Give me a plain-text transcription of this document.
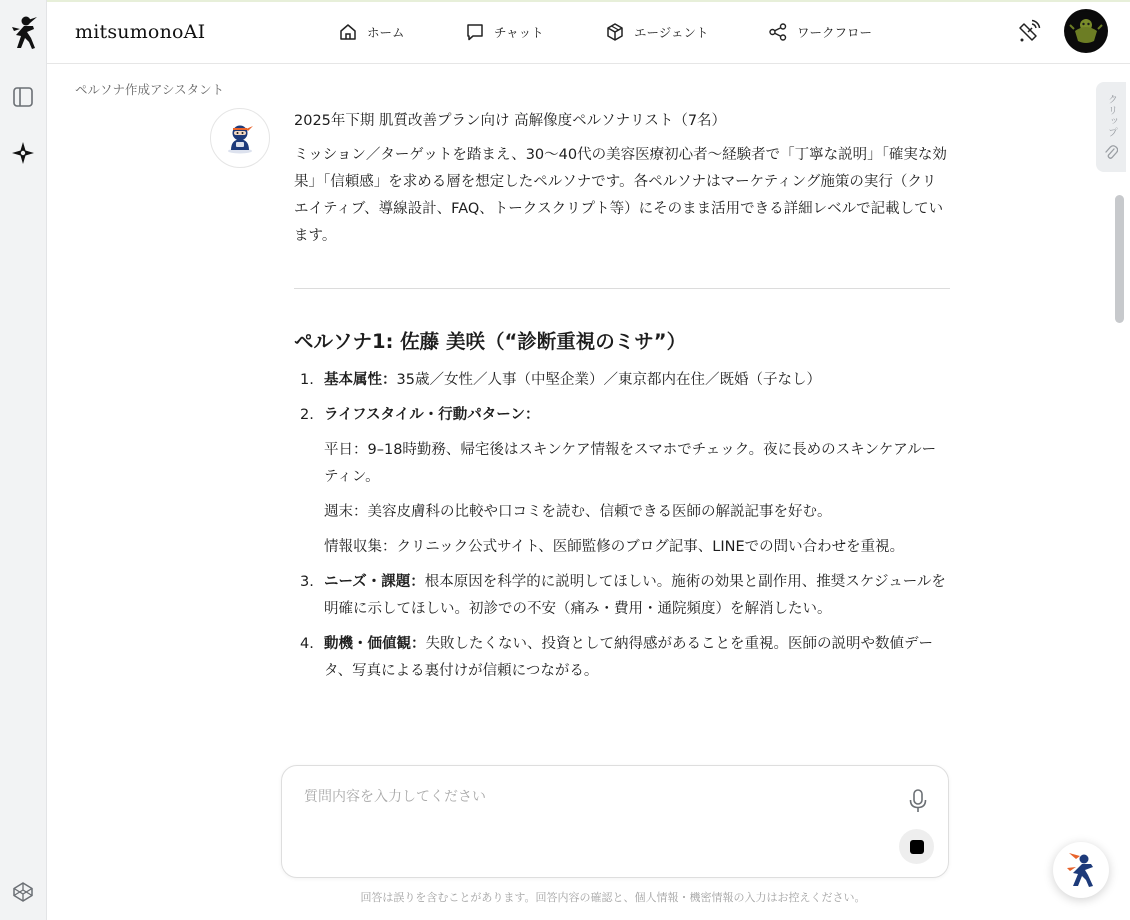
mitsumonoAI	ホーム	チャット	エージェント	ワークフロー
クリップ
ペルソナ作成アシスタント

2025年下期 肌質改善プラン向け 高解像度ペルソナリスト（7名）

ミッション／ターゲットを踏まえ、30〜40代の美容医療初心者〜経験者で「丁寧な説明」「確実な効果」「信頼感」を求める層を想定したペルソナです。各ペルソナはマーケティング施策の実行（クリエイティブ、導線設計、FAQ、トークスクリプト等）にそのまま活用できる詳細レベルで記載しています。

ペルソナ1: 佐藤 美咲（“診断重視のミサ”）
1. 基本属性：35歳／女性／人事（中堅企業）／東京都内在住／既婚（子なし）
2. ライフスタイル・行動パターン：

平日：9–18時勤務、帰宅後はスキンケア情報をスマホでチェック。夜に長めのスキンケアルーティン。

週末：美容皮膚科の比較や口コミを読む、信頼できる医師の解説記事を好む。

情報収集：クリニック公式サイト、医師監修のブログ記事、LINEでの問い合わせを重視。

3. ニーズ・課題：根本原因を科学的に説明してほしい。施術の効果と副作用、推奨スケジュールを明確に示してほしい。初診での不安（痛み・費用・通院頻度）を解消したい。
4. 動機・価値観：失敗したくない、投資として納得感があることを重視。医師の説明や数値データ、写真による裏付けが信頼につながる。
質問内容を入力してください
回答は誤りを含むことがあります。回答内容の確認と、個人情報・機密情報の入力はお控えください。
